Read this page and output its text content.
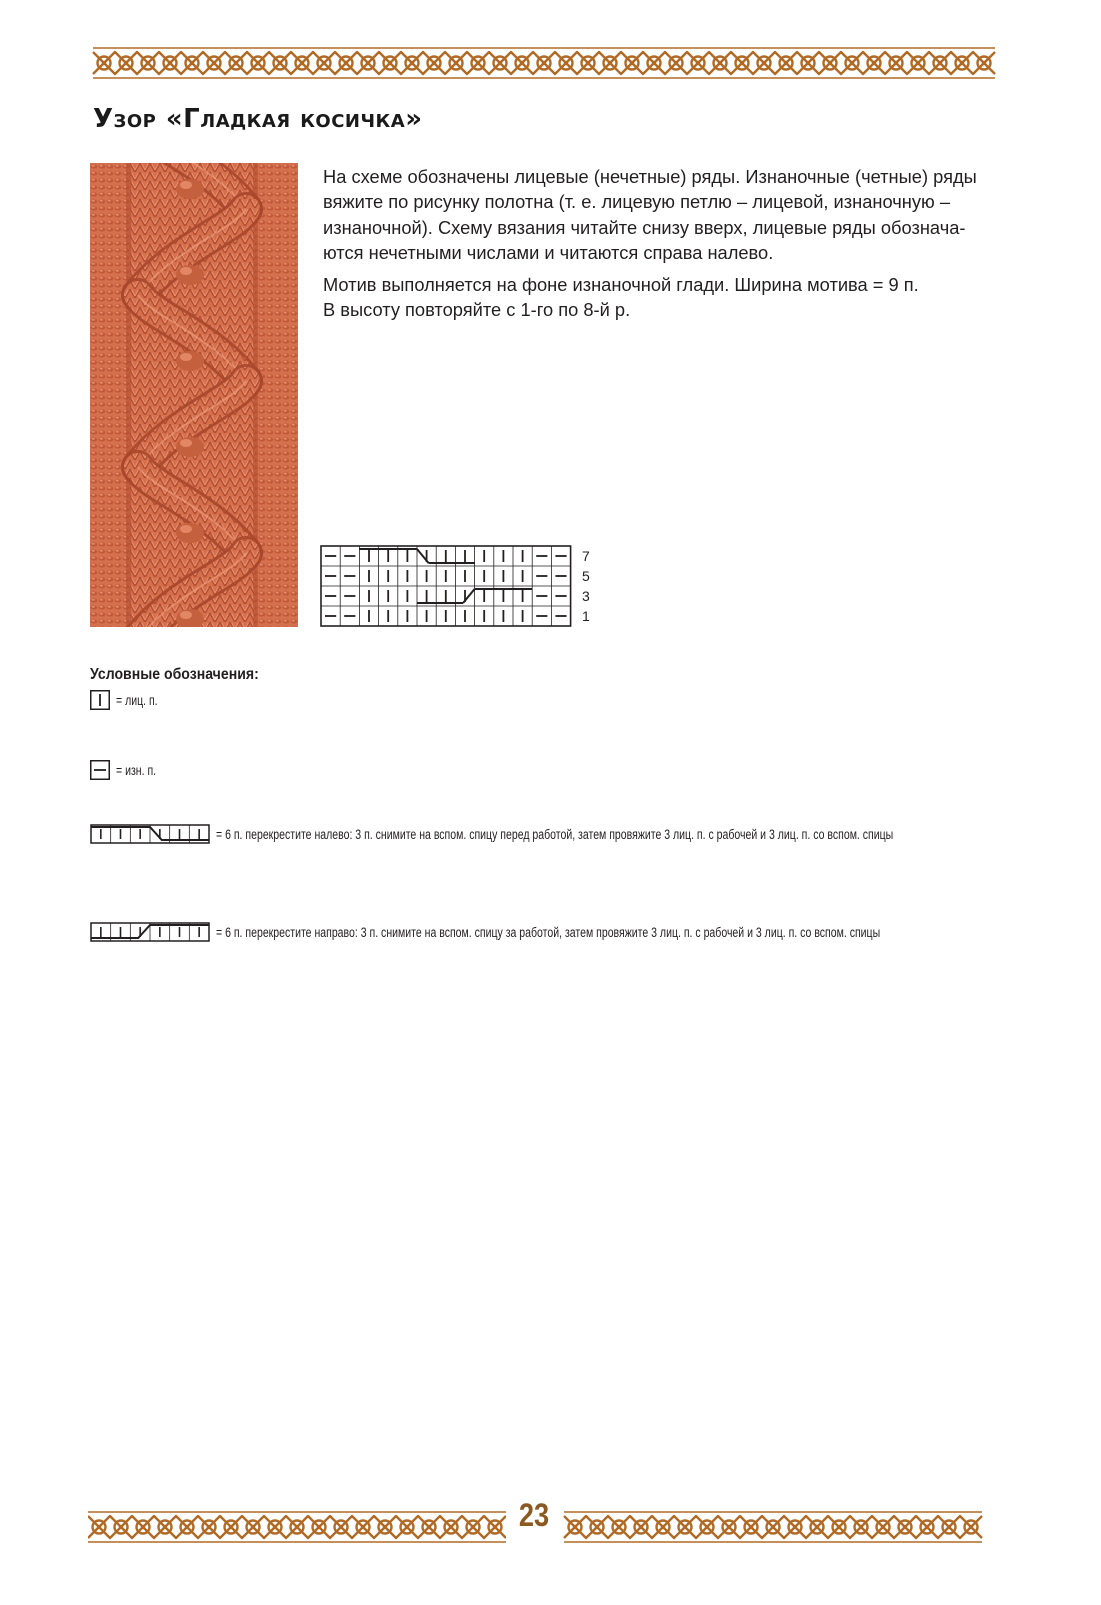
Узор «Гладкая косичка»

На схеме обозначены лицевые (нечетные) ряды. Изнаночные (четные) ряды
вяжите по рисунку полотна (т. е. лицевую петлю – лицевой, изнаночную –
изнаночной). Схему вязания читайте снизу вверх, лицевые ряды обознача-
ются нечетными числами и читаются справа налево.

Мотив выполняется на фоне изнаночной глади. Ширина мотива = 9 п.
В высоту повторяйте с 1-го по 8-й р.

7
5
3
1
Условные обозначения:
= лиц. п.
= изн. п.
= 6 п. перекрестите налево: 3 п. снимите на вспом. спицу перед работой, затем провяжите 3 лиц. п. с рабочей и 3 лиц. п. со вспом. спицы
= 6 п. перекрестите направо: 3 п. снимите на вспом. спицу за работой, затем провяжите 3 лиц. п. с рабочей и 3 лиц. п. со вспом. спицы
23
